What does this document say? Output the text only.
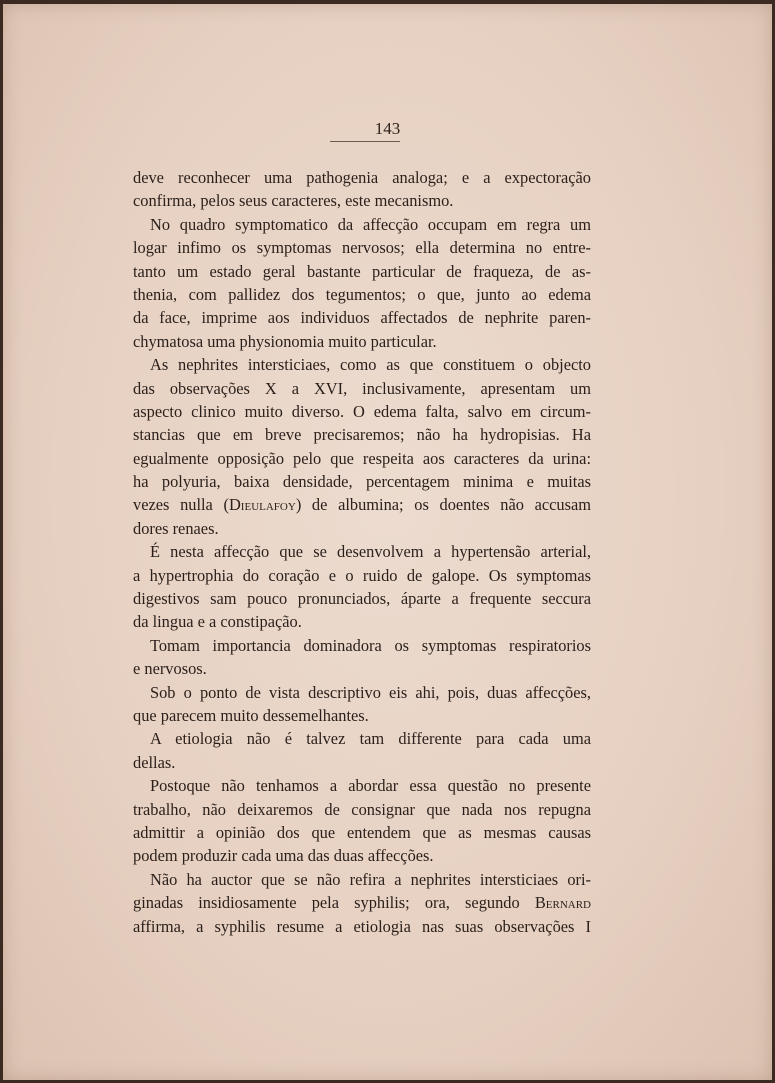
143
deve reconhecer uma pathogenia analoga; e a expectoração
confirma, pelos seus caracteres, este mecanismo.
No quadro symptomatico da affecção occupam em regra um
logar infimo os symptomas nervosos; ella determina no entre-
tanto um estado geral bastante particular de fraqueza, de as-
thenia, com pallidez dos tegumentos; o que, junto ao edema
da face, imprime aos individuos affectados de nephrite paren-
chymatosa uma physionomia muito particular.
As nephrites intersticiaes, como as que constituem o objecto
das observações X a XVI, inclusivamente, apresentam um
aspecto clinico muito diverso. O edema falta, salvo em circum-
stancias que em breve precisaremos; não ha hydropisias. Ha
egualmente opposição pelo que respeita aos caracteres da urina:
ha polyuria, baixa densidade, percentagem minima e muitas
vezes nulla (Dieulafoy) de albumina; os doentes não accusam
dores renaes.
É nesta affecção que se desenvolvem a hypertensão arterial,
a hypertrophia do coração e o ruido de galope. Os symptomas
digestivos sam pouco pronunciados, áparte a frequente seccura
da lingua e a constipação.
Tomam importancia dominadora os symptomas respiratorios
e nervosos.
Sob o ponto de vista descriptivo eis ahi, pois, duas affecções,
que parecem muito dessemelhantes.
A etiologia não é talvez tam differente para cada uma
dellas.
Postoque não tenhamos a abordar essa questão no presente
trabalho, não deixaremos de consignar que nada nos repugna
admittir a opinião dos que entendem que as mesmas causas
podem produzir cada uma das duas affecções.
Não ha auctor que se não refira a nephrites intersticiaes ori-
ginadas insidiosamente pela syphilis; ora, segundo Bernard
affirma, a syphilis resume a etiologia nas suas observações I
